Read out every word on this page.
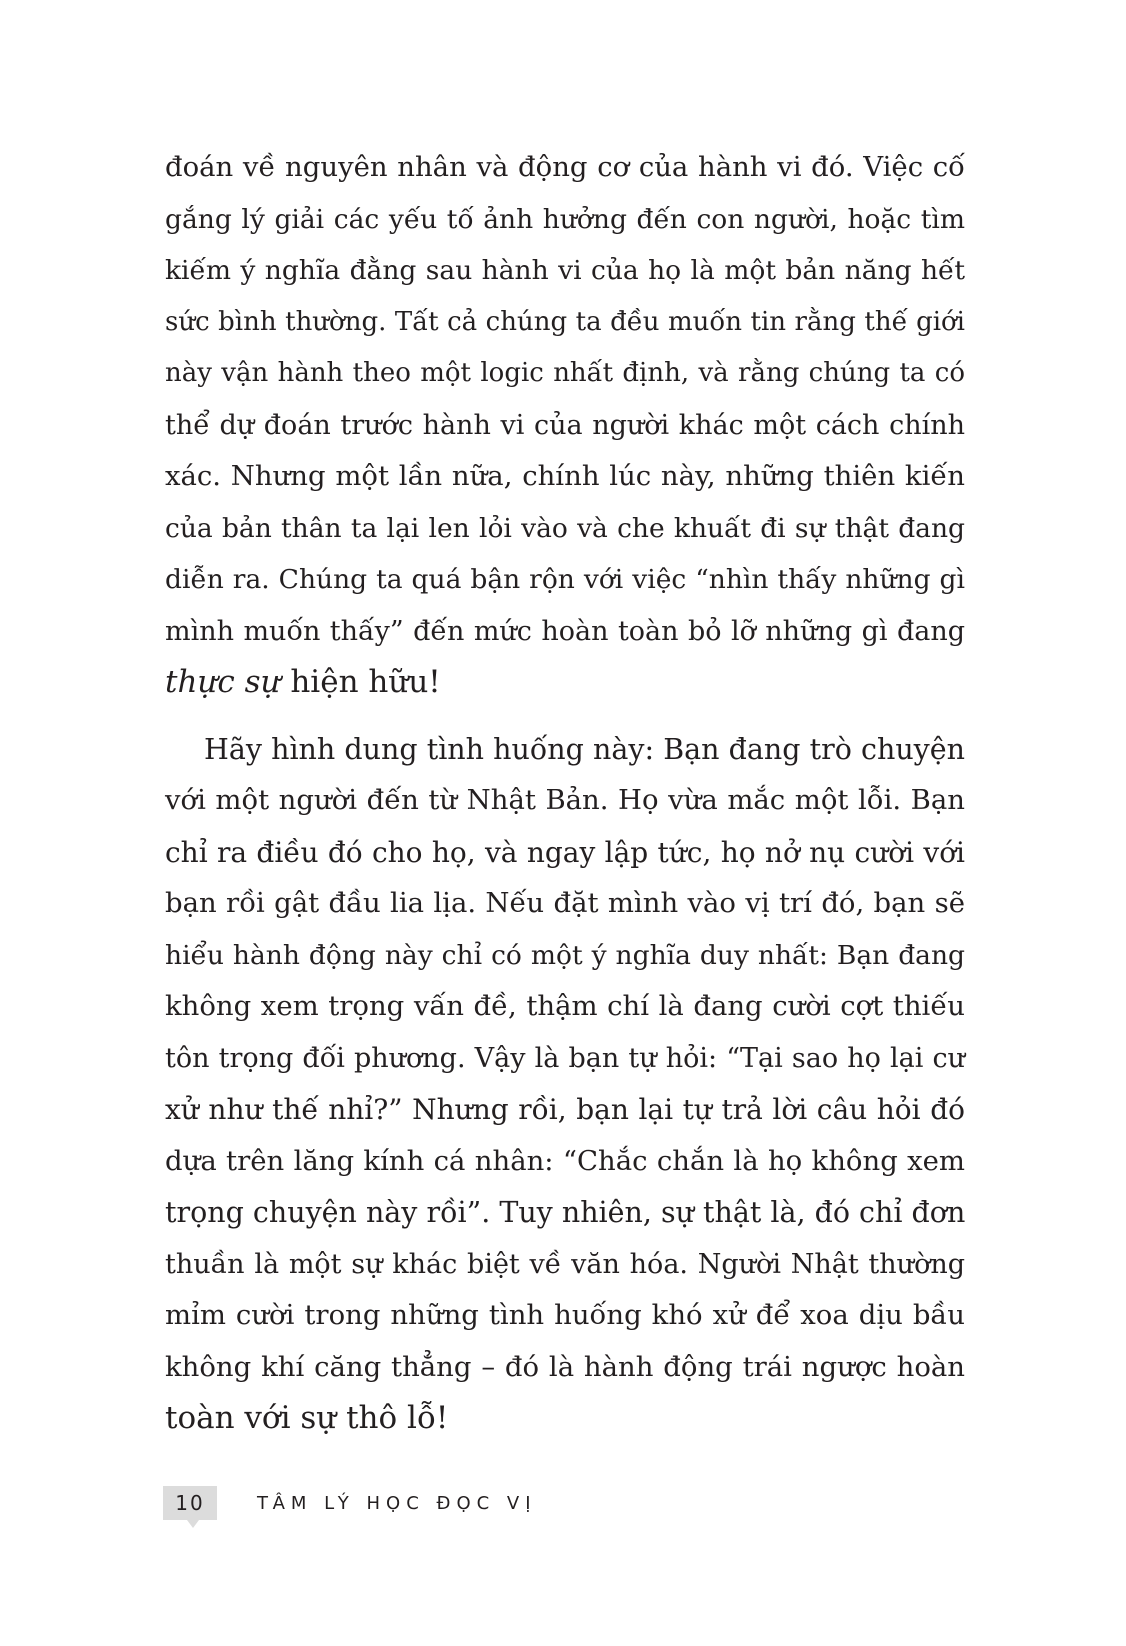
đoán về nguyên nhân và động cơ của hành vi đó. Việc cố
gắng lý giải các yếu tố ảnh hưởng đến con người, hoặc tìm
kiếm ý nghĩa đằng sau hành vi của họ là một bản năng hết
sức bình thường. Tất cả chúng ta đều muốn tin rằng thế giới
này vận hành theo một logic nhất định, và rằng chúng ta có
thể dự đoán trước hành vi của người khác một cách chính
xác. Nhưng một lần nữa, chính lúc này, những thiên kiến
của bản thân ta lại len lỏi vào và che khuất đi sự thật đang
diễn ra. Chúng ta quá bận rộn với việc “nhìn thấy những gì
mình muốn thấy” đến mức hoàn toàn bỏ lỡ những gì đang
thực sự hiện hữu!

Hãy hình dung tình huống này: Bạn đang trò chuyện
với một người đến từ Nhật Bản. Họ vừa mắc một lỗi. Bạn
chỉ ra điều đó cho họ, và ngay lập tức, họ nở nụ cười với
bạn rồi gật đầu lia lịa. Nếu đặt mình vào vị trí đó, bạn sẽ
hiểu hành động này chỉ có một ý nghĩa duy nhất: Bạn đang
không xem trọng vấn đề, thậm chí là đang cười cợt thiếu
tôn trọng đối phương. Vậy là bạn tự hỏi: “Tại sao họ lại cư
xử như thế nhỉ?” Nhưng rồi, bạn lại tự trả lời câu hỏi đó
dựa trên lăng kính cá nhân: “Chắc chắn là họ không xem
trọng chuyện này rồi”. Tuy nhiên, sự thật là, đó chỉ đơn
thuần là một sự khác biệt về văn hóa. Người Nhật thường
mỉm cười trong những tình huống khó xử để xoa dịu bầu
không khí căng thẳng – đó là hành động trái ngược hoàn
toàn với sự thô lỗ!

10	TÂM LÝ HỌC ĐỌC VỊ
